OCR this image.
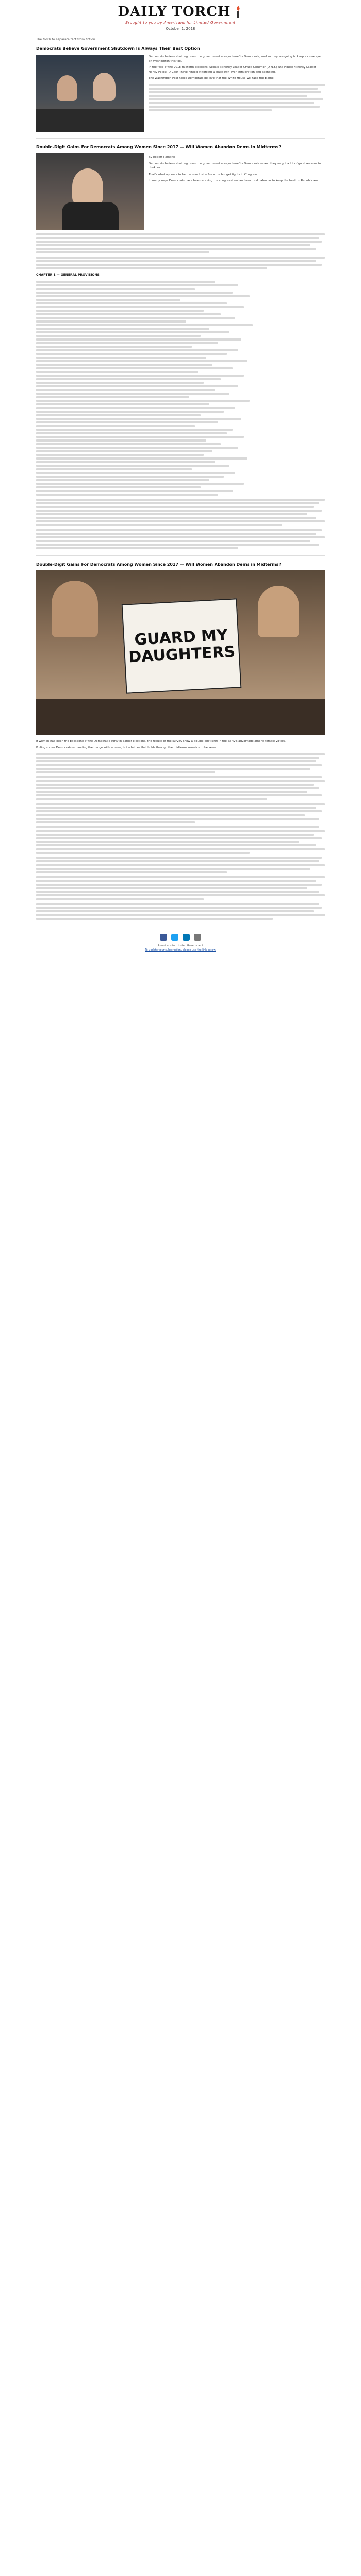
DAILY TORCH
Brought to you by Americans for Limited Government
October 1, 2018
The torch to separate fact from fiction.
Democrats Believe Government Shutdown Is Always Their Best Option

Democrats believe shutting down the government always benefits Democrats, and so they are going to keep a close eye on Washington this fall.

In the face of the 2018 midterm elections, Senate Minority Leader Chuck Schumer (D-N.Y.) and House Minority Leader Nancy Pelosi (D-Calif.) have hinted at forcing a shutdown over immigration and spending.

The Washington Post notes Democrats believe that the White House will take the blame.

Double-Digit Gains For Democrats Among Women Since 2017 — Will Women Abandon Dems in Midterms?
By Robert Romano

Democrats believe shutting down the government always benefits Democrats — and they've got a lot of good reasons to think so.

That's what appears to be the conclusion from the budget fights in Congress.

In many ways Democrats have been working the congressional and electoral calendar to keep the heat on Republicans.

CHAPTER 1 — GENERAL PROVISIONS
Double-Digit Gains For Democrats Among Women Since 2017 — Will Women Abandon Dems in Midterms?
GUARD MY DAUGHTERS

If women had been the backbone of the Democratic Party in earlier elections, the results of the survey show a double-digit shift in the party's advantage among female voters.

Polling shows Democrats expanding their edge with women, but whether that holds through the midterms remains to be seen.

Americans for Limited Government
To update your subscription, please use the link below.
